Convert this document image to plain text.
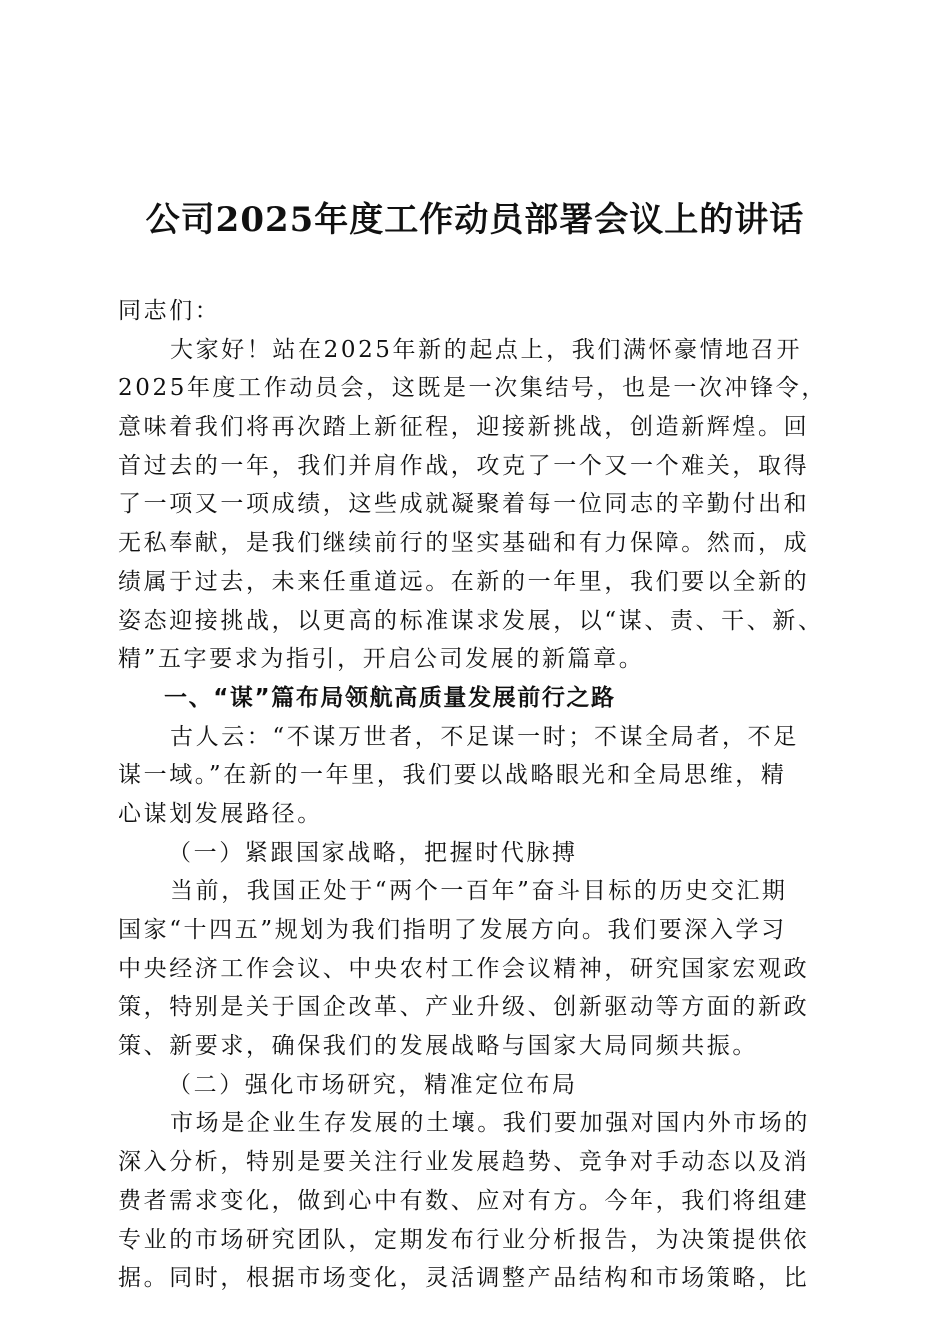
公司2025年度工作动员部署会议上的讲话
同志们：
大家好！站在2025年新的起点上，我们满怀豪情地召开
2025年度工作动员会，这既是一次集结号，也是一次冲锋令，
意味着我们将再次踏上新征程，迎接新挑战，创造新辉煌。回
首过去的一年，我们并肩作战，攻克了一个又一个难关，取得
了一项又一项成绩，这些成就凝聚着每一位同志的辛勤付出和
无私奉献，是我们继续前行的坚实基础和有力保障。然而，成
绩属于过去，未来任重道远。在新的一年里，我们要以全新的
姿态迎接挑战，以更高的标准谋求发展，以“谋、责、干、新、
精”五字要求为指引，开启公司发展的新篇章。
一、“谋”篇布局领航高质量发展前行之路
古人云：“不谋万世者，不足谋一时；不谋全局者，不足
谋一域。”在新的一年里，我们要以战略眼光和全局思维，精
心谋划发展路径。
（一）紧跟国家战略，把握时代脉搏
当前，我国正处于“两个一百年”奋斗目标的历史交汇期
国家“十四五”规划为我们指明了发展方向。我们要深入学习
中央经济工作会议、中央农村工作会议精神，研究国家宏观政
策，特别是关于国企改革、产业升级、创新驱动等方面的新政
策、新要求，确保我们的发展战略与国家大局同频共振。
（二）强化市场研究，精准定位布局
市场是企业生存发展的土壤。我们要加强对国内外市场的
深入分析，特别是要关注行业发展趋势、竞争对手动态以及消
费者需求变化，做到心中有数、应对有方。今年，我们将组建
专业的市场研究团队，定期发布行业分析报告，为决策提供依
据。同时，根据市场变化，灵活调整产品结构和市场策略，比
